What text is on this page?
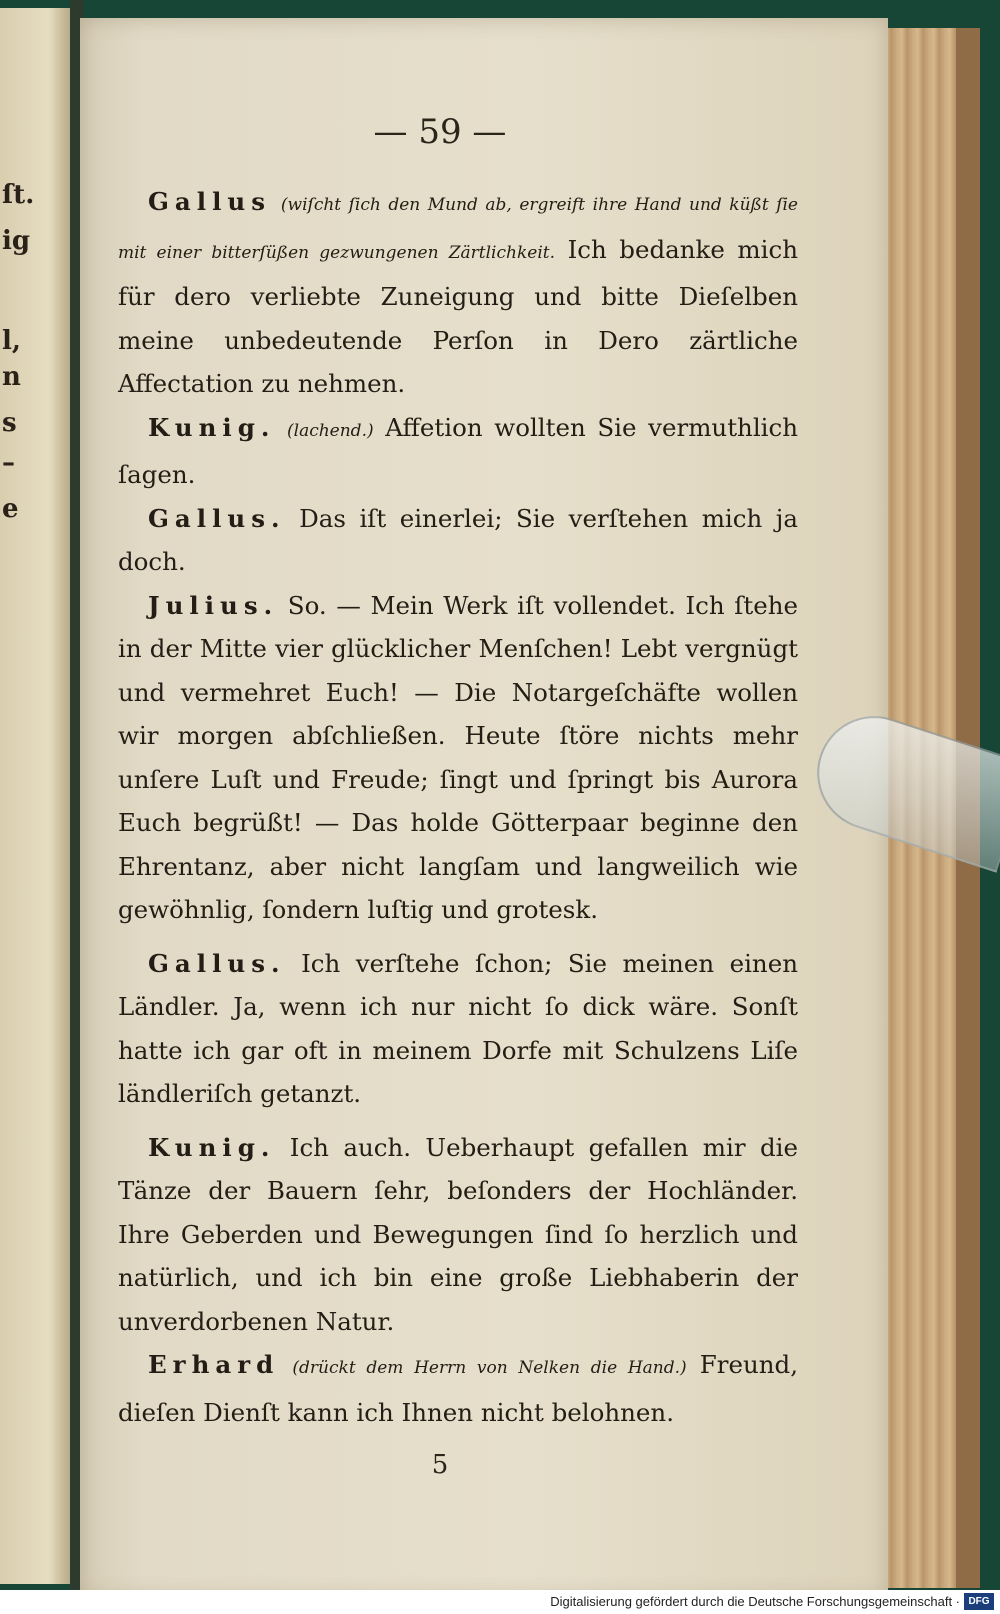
ſt.
ig
l,
n
s
–
e
— 59 —

Gallus (wiſcht ſich den Mund ab, ergreift ihre Hand und küßt ſie mit einer bitterſüßen gezwungenen Zärtlichkeit. Ich bedanke mich für dero verliebte Zuneigung und bitte Dieſelben meine unbedeutende Perſon in Dero zärtliche Affectation zu nehmen.

Kunig. (lachend.) Affetion wollten Sie vermuthlich ſagen.

Gallus. Das iſt einerlei; Sie verſtehen mich ja doch.

Julius. So. — Mein Werk iſt vollendet. Ich ſtehe in der Mitte vier glücklicher Menſchen! Lebt vergnügt und vermehret Euch! — Die Notargeſchäfte wollen wir morgen abſchließen. Heute ſtöre nichts mehr unſere Luſt und Freude; ſingt und ſpringt bis Aurora Euch begrüßt! — Das holde Götterpaar beginne den Ehrentanz, aber nicht langſam und langweilich wie gewöhnlig, ſondern luſtig und grotesk.

Gallus. Ich verſtehe ſchon; Sie meinen einen Ländler. Ja, wenn ich nur nicht ſo dick wäre. Sonſt hatte ich gar oft in meinem Dorfe mit Schulzens Liſe ländleriſch getanzt.

Kunig. Ich auch. Ueberhaupt gefallen mir die Tänze der Bauern ſehr, beſonders der Hochländer. Ihre Geberden und Bewegungen ſind ſo herzlich und natürlich, und ich bin eine große Liebhaberin der unverdorbenen Natur.

Erhard (drückt dem Herrn von Nelken die Hand.) Freund, dieſen Dienſt kann ich Ihnen nicht belohnen.

5
Digitalisierung gefördert durch die Deutsche Forschungsgemeinschaft · DFG
